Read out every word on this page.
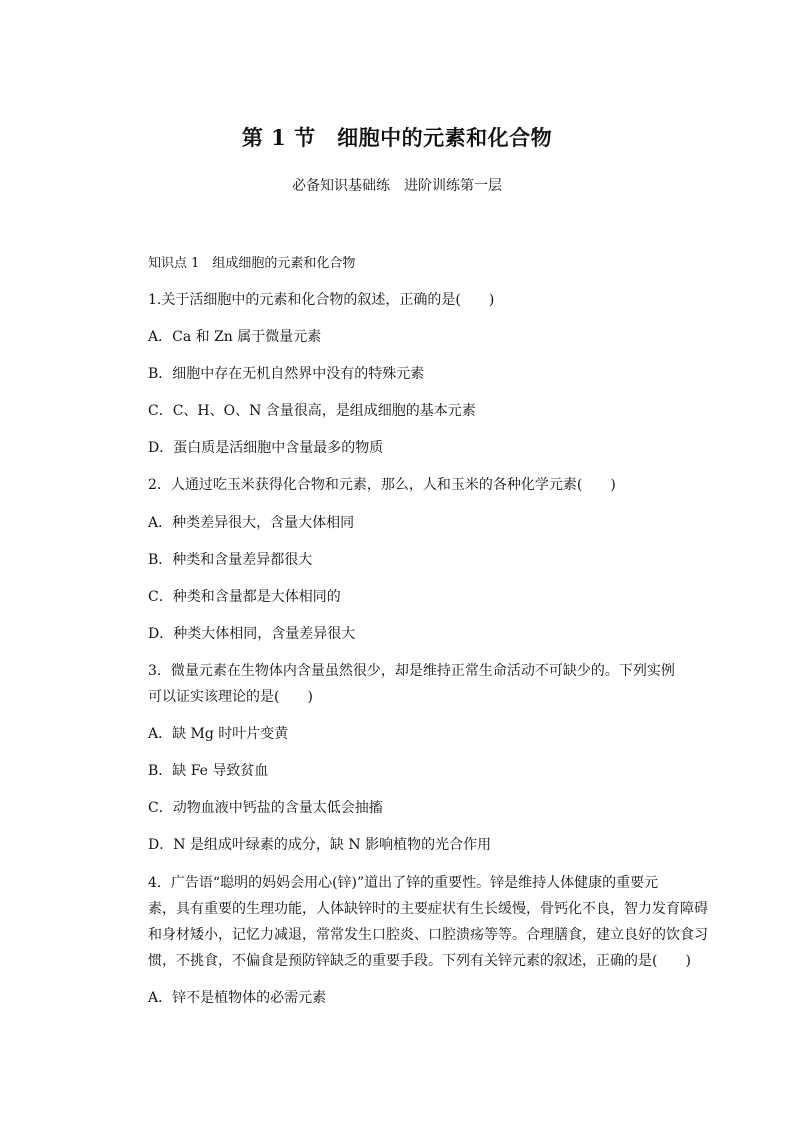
第 1 节　细胞中的元素和化合物
必备知识基础练　进阶训练第一层
知识点 1　组成细胞的元素和化合物
1.关于活细胞中的元素和化合物的叙述，正确的是(　　)
A．Ca 和 Zn 属于微量元素
B．细胞中存在无机自然界中没有的特殊元素
C．C、H、O、N 含量很高，是组成细胞的基本元素
D．蛋白质是活细胞中含量最多的物质
2．人通过吃玉米获得化合物和元素，那么，人和玉米的各种化学元素(　　)
A．种类差异很大，含量大体相同
B．种类和含量差异都很大
C．种类和含量都是大体相同的
D．种类大体相同，含量差异很大
3．微量元素在生物体内含量虽然很少，却是维持正常生命活动不可缺少的。下列实例
可以证实该理论的是(　　)
A．缺 Mg 时叶片变黄
B．缺 Fe 导致贫血
C．动物血液中钙盐的含量太低会抽搐
D．N 是组成叶绿素的成分，缺 N 影响植物的光合作用
4．广告语“聪明的妈妈会用心(锌)”道出了锌的重要性。锌是维持人体健康的重要元
素，具有重要的生理功能，人体缺锌时的主要症状有生长缓慢，骨钙化不良，智力发育障碍
和身材矮小，记忆力减退，常常发生口腔炎、口腔溃疡等等。合理膳食，建立良好的饮食习
惯，不挑食，不偏食是预防锌缺乏的重要手段。下列有关锌元素的叙述，正确的是(　　)
A．锌不是植物体的必需元素
